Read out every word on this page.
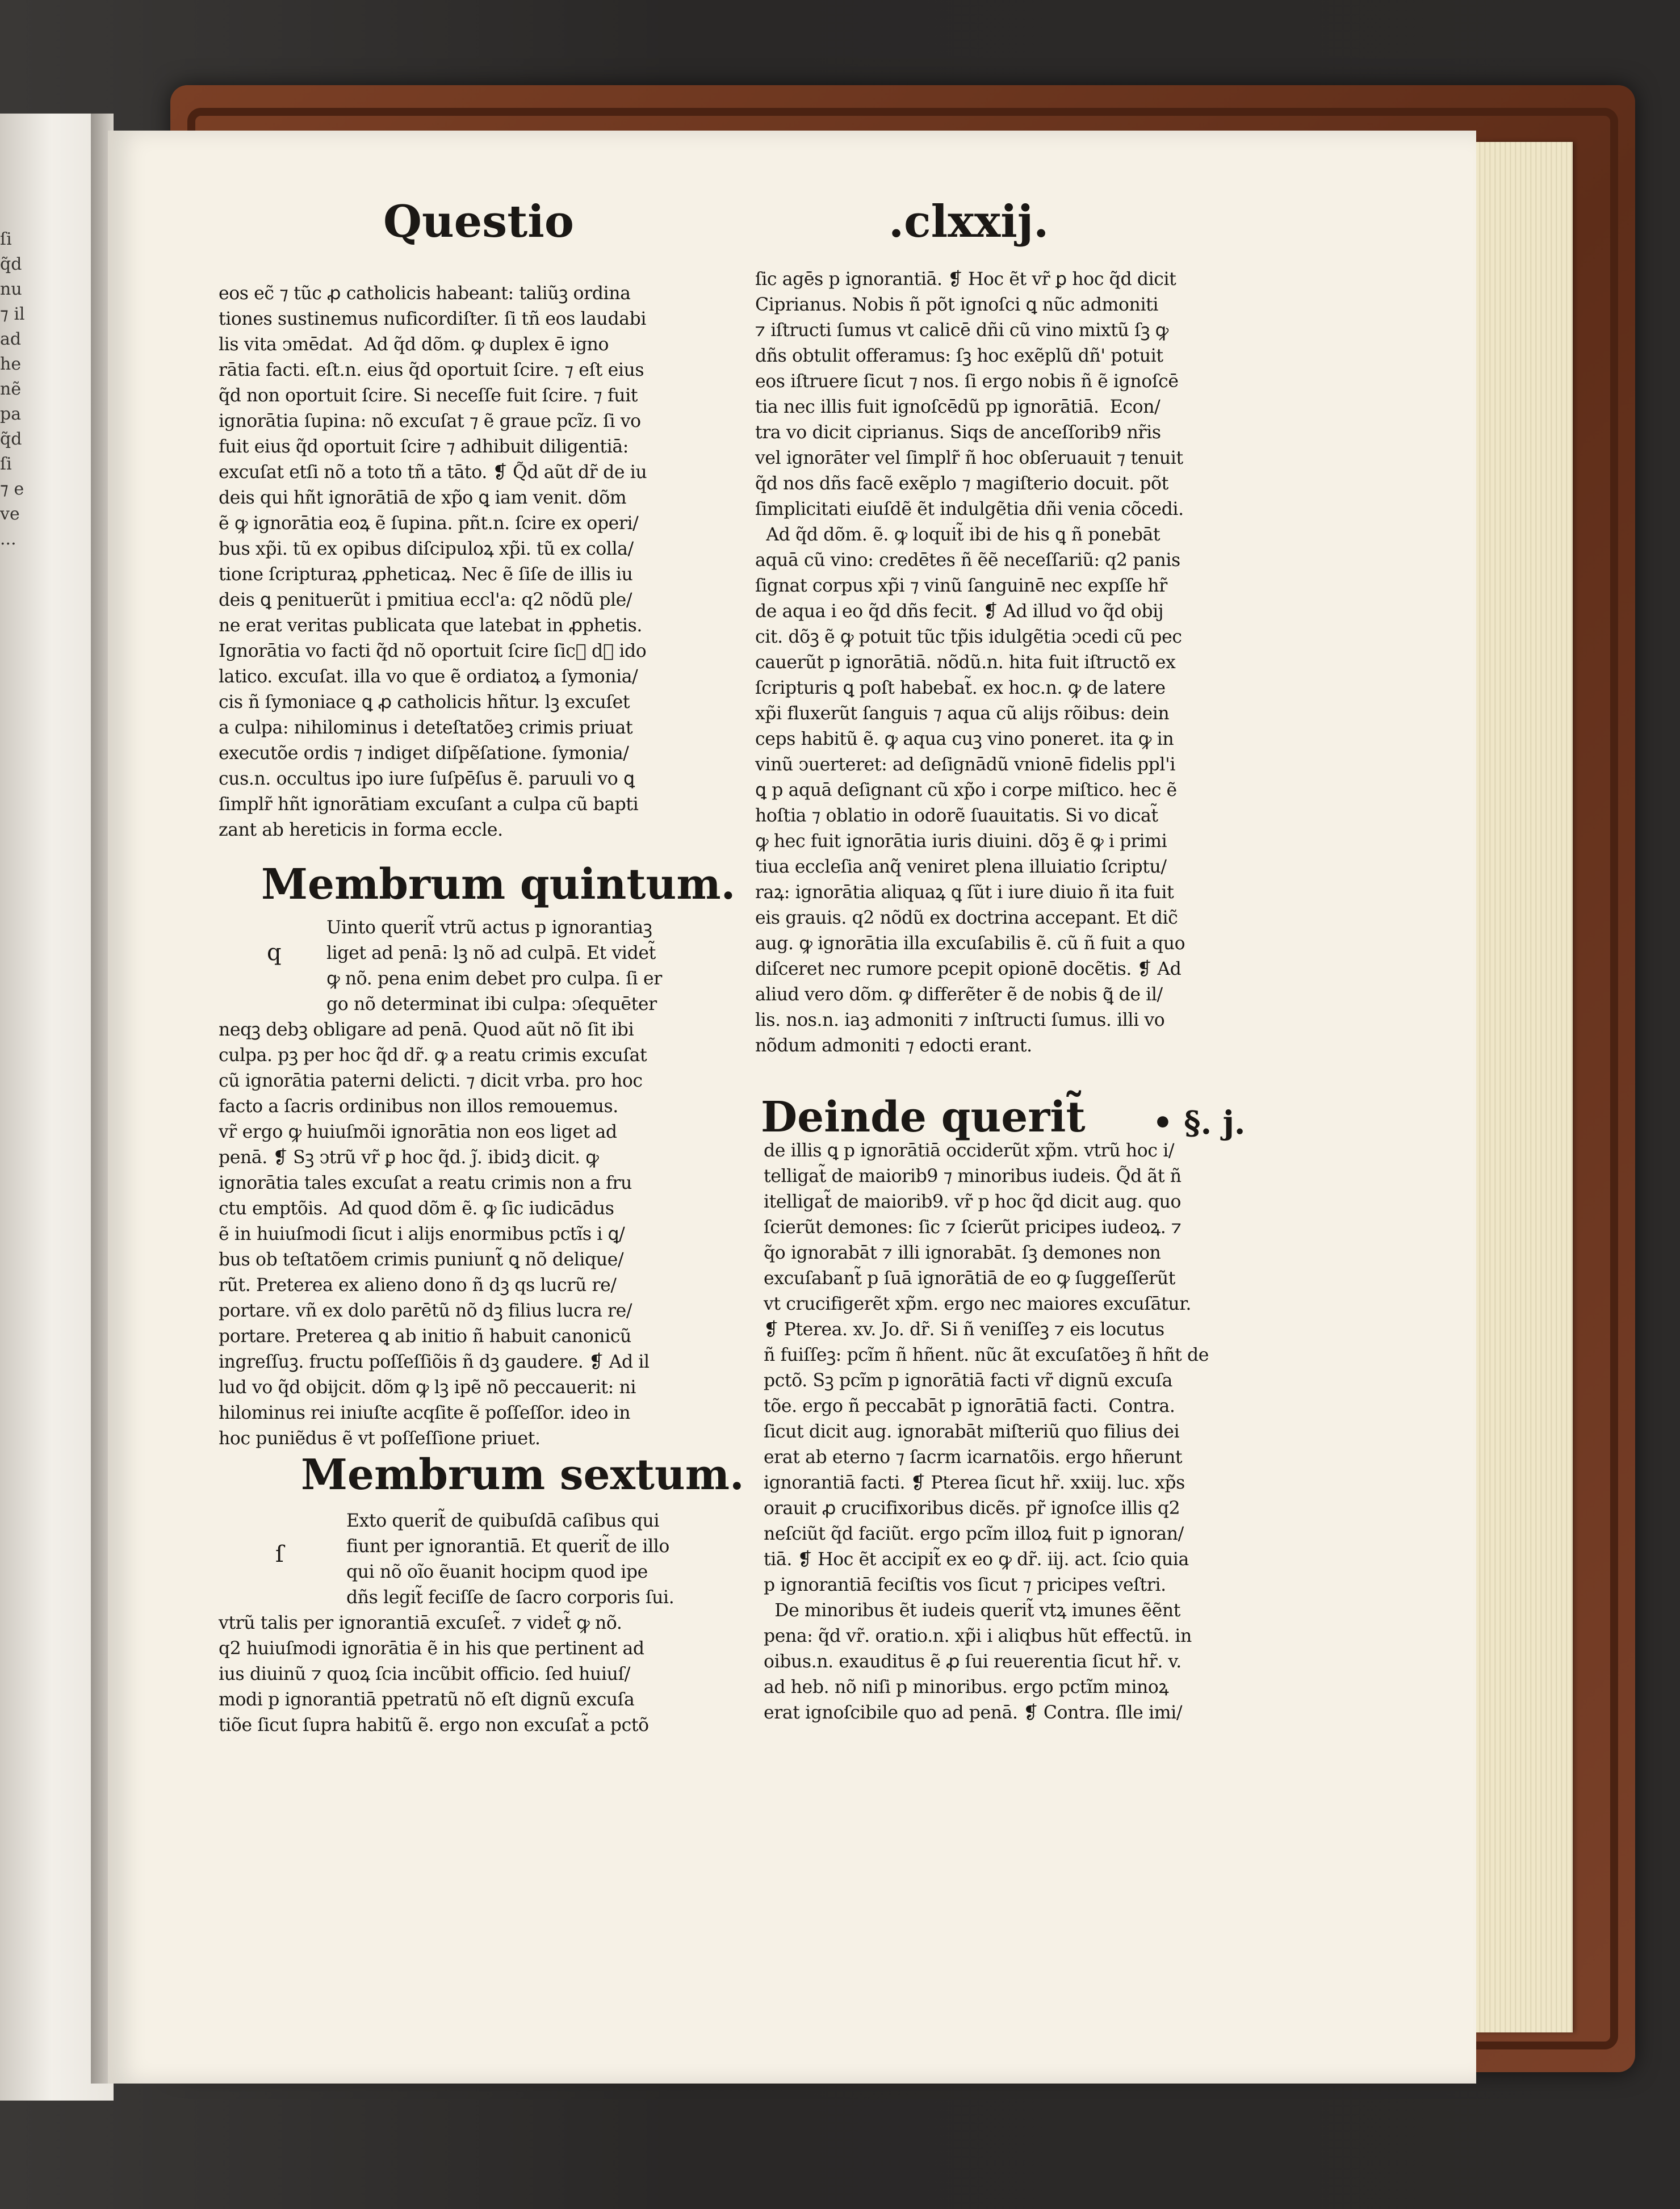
ſi
q̃d
nu
⁊ il
ad
he
nẽ
pa
q̃d
ſi
⁊ e
ve
...
Questio	.clxxij.
eos ec̃ ⁊ tũc ꝓ catholicis habeant: taliũꝫ ordina
tiones sustinemus nuficordiſter. ſi tñ eos laudabi
lis vita ↄmēdat.  Ad q̃d dõm. ꝙ duplex ē igno
rātia facti. eſt.n. eius q̃d oportuit ſcire. ⁊ eſt eius
q̃d non oportuit ſcire. Si neceſſe fuit ſcire. ⁊ fuit
ignorātia ſupina: nõ excuſat ⁊ ẽ graue pcĩz. ſi vo
fuit eius q̃d oportuit ſcire ⁊ adhibuit diligentiā:
excuſat etſi nõ a toto tñ a tāto. ❡ Q̃d aũt dr̃ de iu
deis qui hñt ignorātiā de xp̃o ꝗ iam venit. dõm
ẽ ꝙ ignorātia eoꝝ ẽ ſupina. pñt.n. ſcire ex operi/
bus xp̃i. tũ ex opibus diſcipuloꝝ xp̃i. tũ ex colla/
tione ſcripturaꝝ ꝓpheticaꝝ. Nec ẽ ſiſe de illis iu
deis ꝗ penituerũt i pmitiua eccl'a: q2 nõdũ ple/
ne erat veritas publicata que latebat in ꝓphetis.
Ignorātia vo facti q̃d nõ oportuit ſcire ſicᷓ dᷓ ido
latico. excuſat. illa vo que ẽ ordiatoꝝ a ſymonia/
cis ñ ſymoniace ꝗ ꝓ catholicis hñtur. lꝫ excuſet
a culpa: nihilominus i deteſtatõeꝫ crimis priuat
executõe ordis ⁊ indiget diſpẽſatione. ſymonia/
cus.n. occultus ipo iure ſuſpēſus ẽ. paruuli vo ꝗ
ſimplr̃ hñt ignorātiam excuſant a culpa cũ bapti
zant ab hereticis in forma eccle.
Membrum quintum.
q
Uinto querit̃ vtrũ actus p ignorantiaꝫ
liget ad penā: lꝫ nõ ad culpā. Et videt̃
ꝙ nõ. pena enim debet pro culpa. ſi er
go nõ determinat ibi culpa: ↄſequēter
neqꝫ debꝫ obligare ad penā. Quod aũt nõ ſit ibi
culpa. pꝫ per hoc q̃d dr̃. ꝙ a reatu crimis excuſat
cũ ignorātia paterni delicti. ⁊ dicit vrba. pro hoc
facto a ſacris ordinibus non illos remouemus.
vr̃ ergo ꝙ huiuſmõi ignorātia non eos liget ad
penā. ❡ Sꝫ ↄtrũ vr̃ ꝑ hoc q̃d. ȷ̃. ibidꝫ dicit. ꝙ
ignorātia tales excuſat a reatu crimis non a fru
ctu emptõis.  Ad quod dõm ẽ. ꝙ ſic iudicādus
ẽ in huiuſmodi ſicut i alijs enormibus pctĩs i ꝗ/
bus ob teſtatõem crimis puniunt̃ ꝗ nõ delique/
rũt. Preterea ex alieno dono ñ dꝫ qs lucrũ re/
portare. vñ ex dolo parētũ nõ dꝫ filius lucra re/
portare. Preterea ꝗ ab initio ñ habuit canonicũ
ingreſſuꝫ. fructu poſſeſſiõis ñ dꝫ gaudere. ❡ Ad il
lud vo q̃d obijcit. dõm ꝙ lꝫ ipẽ nõ peccauerit: ni
hilominus rei iniuſte acqſite ẽ poſſeſſor. ideo in
hoc puniẽdus ẽ vt poſſeſſione priuet.
Membrum sextum.
ſ
Exto querit̃ de quibuſdā caſibus qui
fiunt per ignorantiā. Et querit̃ de illo
qui nõ oĩo ẽuanit hocipm quod ipe
dñs legit̃ feciſſe de ſacro corporis ſui.
vtrũ talis per ignorantiā excuſet̃. ⁊ videt̃ ꝙ nõ.
q2 huiuſmodi ignorātia ẽ in his que pertinent ad
ius diuinũ ⁊ quoꝝ ſcia incũbit officio. ſed huiuſ/
modi p ignorantiā ppetratũ nõ eſt dignũ excuſa
tiõe ſicut ſupra habitũ ẽ. ergo non excuſat̃ a pctõ
ſic agēs p ignorantiā. ❡ Hoc ẽt vr̃ ꝑ hoc q̃d dicit
Ciprianus. Nobis ñ põt ignoſci ꝗ nũc admoniti
⁊ iſtructi ſumus vt calicē dñi cũ vino mixtũ ſꝫ ꝙ
dñs obtulit offeramus: ſꝫ hoc exẽplũ dñ' potuit
eos iſtruere ſicut ⁊ nos. ſi ergo nobis ñ ẽ ignoſcē
tia nec illis fuit ignoſcēdũ pp ignorātiā.  Econ/
tra vo dicit ciprianus. Siqs de anceſſorib9 nr̃is
vel ignorāter vel ſimplr̃ ñ hoc obſeruauit ⁊ tenuit
q̃d nos dñs facẽ exẽplo ⁊ magiſterio docuit. põt
ſimplicitati eiuſdẽ ẽt indulgẽtia dñi venia cõcedi.
Ad q̃d dõm. ẽ. ꝙ loquit̃ ibi de his ꝗ ñ ponebāt
aquā cũ vino: credētes ñ ẽẽ neceſſariũ: q2 panis
ſignat corpus xp̃i ⁊ vinũ ſanguinē nec expſſe hr̃
de aqua i eo q̃d dñs fecit. ❡ Ad illud vo q̃d obij
cit. dõꝫ ẽ ꝙ potuit tũc tp̃is idulgẽtia ↄcedi cũ pec
cauerũt p ignorātiā. nõdũ.n. hita fuit iſtructõ ex
ſcripturis ꝗ poſt habebat̃. ex hoc.n. ꝙ de latere
xp̃i fluxerũt ſanguis ⁊ aqua cũ alijs rõibus: dein
ceps habitũ ẽ. ꝙ aqua cuꝫ vino poneret. ita ꝙ in
vinũ ↄuerteret: ad deſignādũ vnionē fidelis ppl'i
ꝗ p aquā deſignant cũ xp̃o i corpe miſtico. hec ẽ
hoſtia ⁊ oblatio in odorẽ ſuauitatis. Si vo dicat̃
ꝙ hec fuit ignorātia iuris diuini. dõꝫ ẽ ꝙ i primi
tiua eccleſia anq̃ veniret plena illuiatio ſcriptu/
raꝝ: ignorātia aliquaꝝ ꝗ ſũt i iure diuio ñ ita fuit
eis grauis. q2 nõdũ ex doctrina accepant. Et dic̃
aug. ꝙ ignorātia illa excuſabilis ẽ. cũ ñ fuit a quo
diſceret nec rumore pcepit opionē docẽtis. ❡ Ad
aliud vero dõm. ꝙ differẽter ẽ de nobis ꝗ̃ de il/
lis. nos.n. iaꝫ admoniti ⁊ inſtructi ſumus. illi vo
nõdum admoniti ⁊ edocti erant.
Deinde querit̃ • §. j.
de illis ꝗ p ignorātiā occiderũt xp̃m. vtrũ hoc i/
telligat̃ de maiorib9 ⁊ minoribus iudeis. Q̃d ãt ñ
itelligat̃ de maiorib9. vr̃ p hoc q̃d dicit aug. quo
ſcierũt demones: ſic ⁊ ſcierũt pricipes iudeoꝝ. ⁊
q̃o ignorabāt ⁊ illi ignorabāt. ſꝫ demones non
excuſabant̃ p ſuā ignorātiā de eo ꝙ ſuggeſſerũt
vt crucifigerẽt xp̃m. ergo nec maiores excuſātur.
❡ Pterea. xv. Jo. dr̃. Si ñ veniſſeꝫ ⁊ eis locutus
ñ fuiſſeꝫ: pcĩm ñ hñent. nũc ãt excuſatõeꝫ ñ hñt de
pctõ. Sꝫ pcĩm p ignorātiā facti vr̃ dignũ excuſa
tõe. ergo ñ peccabāt p ignorātiā facti.  Contra.
ſicut dicit aug. ignorabāt miſteriũ quo filius dei
erat ab eterno ⁊ ſacrm icarnatõis. ergo hñerunt
ignorantiā facti. ❡ Pterea ſicut hr̃. xxiij. luc. xp̃s
orauit ꝓ crucifixoribus dicẽs. pr̃ ignoſce illis q2
neſciũt q̃d faciũt. ergo pcĩm illoꝝ fuit p ignoran/
tiā. ❡ Hoc ẽt accipit̃ ex eo ꝙ dr̃. iij. act. ſcio quia
p ignorantiā feciſtis vos ſicut ⁊ pricipes veſtri.
De minoribus ẽt iudeis querit̃ vtꝝ imunes ẽẽnt
pena: q̃d vr̃. oratio.n. xp̃i i aliqbus hũt effectũ. in
oibus.n. exauditus ẽ ꝓ ſui reuerentia ſicut hr̃. v.
ad heb. nõ niſi p minoribus. ergo pctĩm minoꝝ
erat ignoſcibile quo ad penā. ❡ Contra. ſlle imi/
